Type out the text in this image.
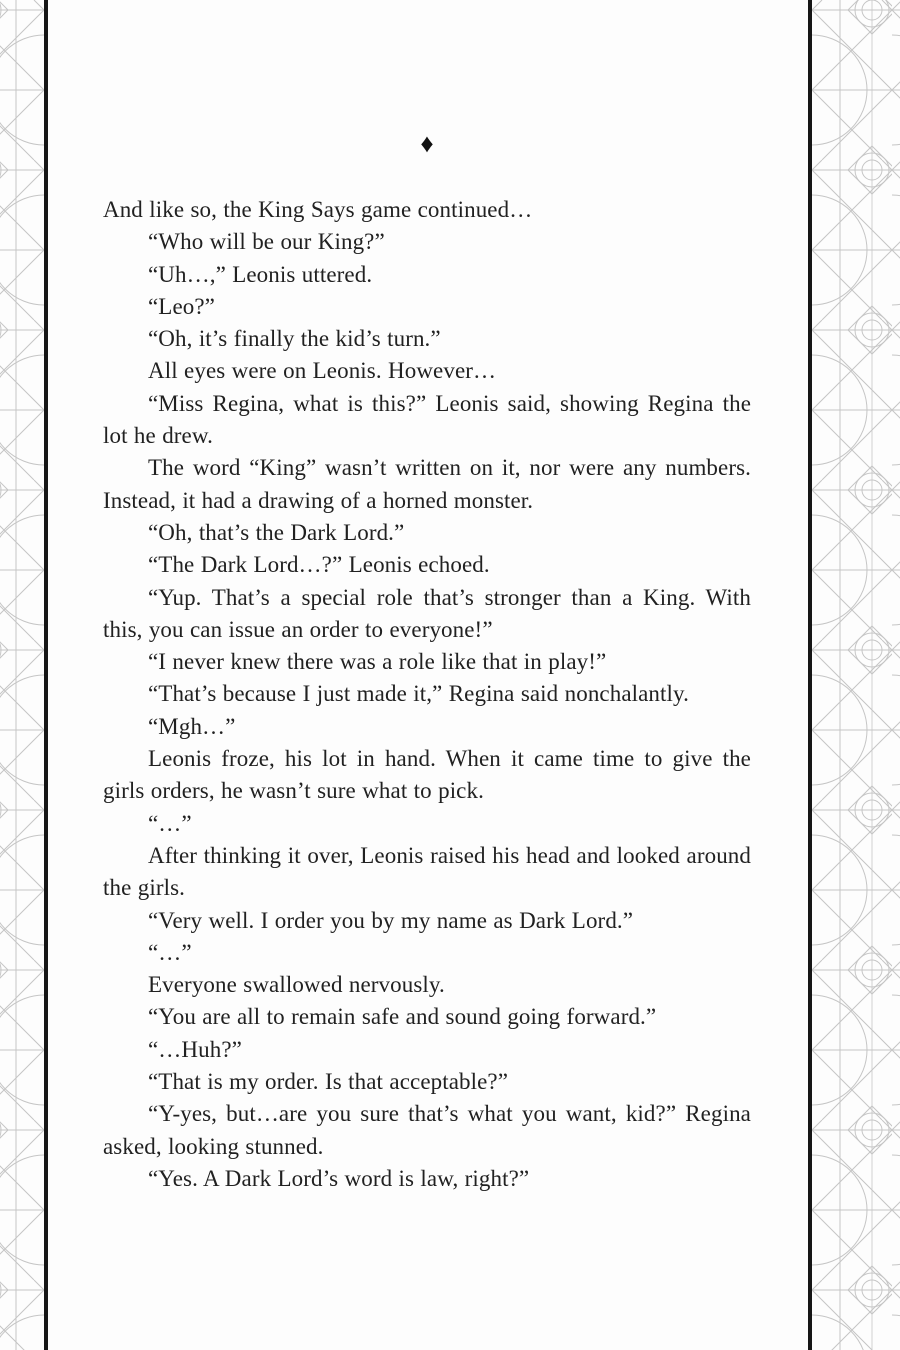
♦

And like so, the King Says game continued…

“Who will be our King?”

“Uh…,” Leonis uttered.

“Leo?”

“Oh, it’s finally the kid’s turn.”

All eyes were on Leonis. However…

“Miss Regina, what is this?” Leonis said, showing Regina the lot he drew.

The word “King” wasn’t written on it, nor were any numbers. Instead, it had a drawing of a horned monster.

“Oh, that’s the Dark Lord.”

“The Dark Lord…?” Leonis echoed.

“Yup. That’s a special role that’s stronger than a King. With this, you can issue an order to everyone!”

“I never knew there was a role like that in play!”

“That’s because I just made it,” Regina said nonchalantly.

“Mgh…”

Leonis froze, his lot in hand. When it came time to give the girls orders, he wasn’t sure what to pick.

“…”

After thinking it over, Leonis raised his head and looked around the girls.

“Very well. I order you by my name as Dark Lord.”

“…”

Everyone swallowed nervously.

“You are all to remain safe and sound going forward.”

“…Huh?”

“That is my order. Is that acceptable?”

“Y-yes, but…are you sure that’s what you want, kid?” Regina asked, looking stunned.

“Yes. A Dark Lord’s word is law, right?”
